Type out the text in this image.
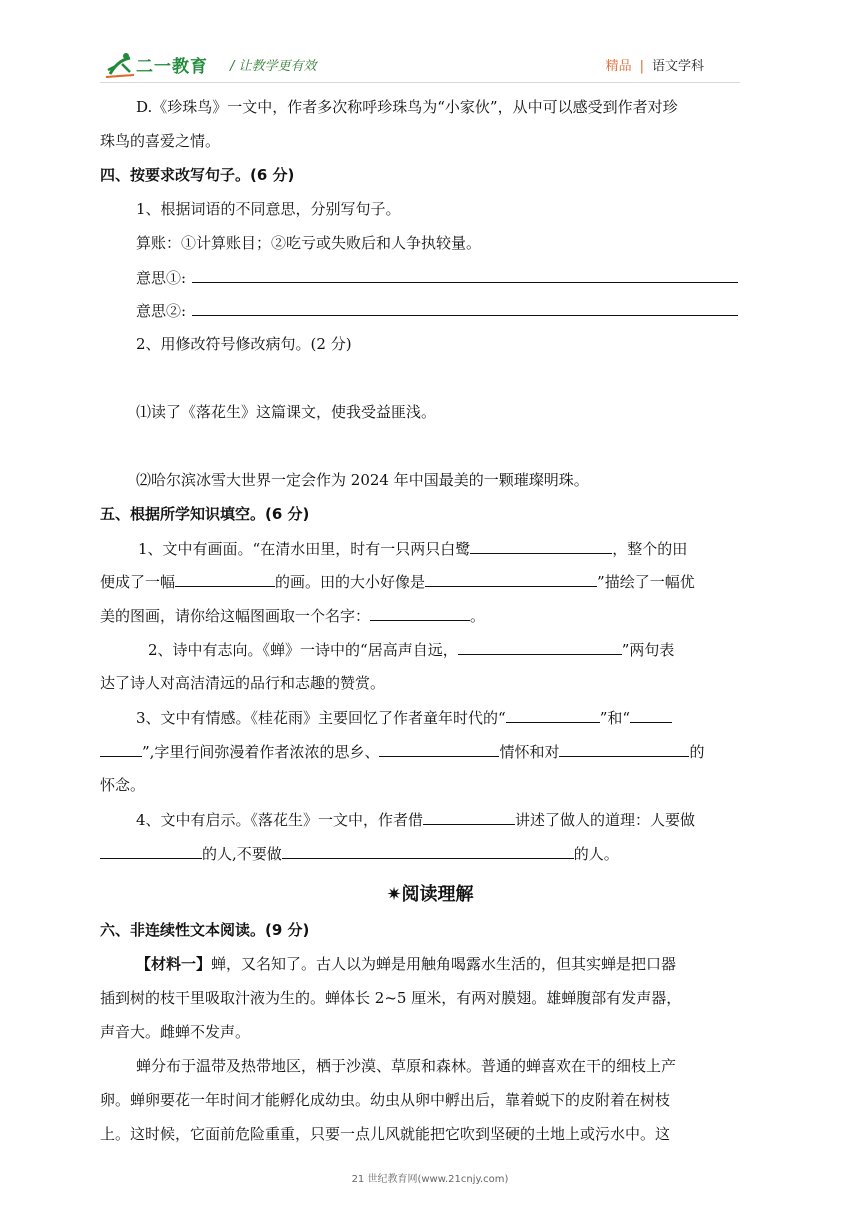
二一教育 / 让教学更有效	精品 | 语文学科
D.《珍珠鸟》一文中，作者多次称呼珍珠鸟为“小家伙”，从中可以感受到作者对珍
珠鸟的喜爱之情。
四、按要求改写句子。(6 分)
1、根据词语的不同意思，分别写句子。
算账：①计算账目；②吃亏或失败后和人争执较量。
意思①:
意思②:
2、用修改符号修改病句。(2 分)
⑴读了《落花生》这篇课文，使我受益匪浅。
⑵哈尔滨冰雪大世界一定会作为 2024 年中国最美的一颗璀璨明珠。
五、根据所学知识填空。(6 分)
1、文中有画面。“在清水田里，时有一只两只白鹭	，整个的田
便成了一幅	的画。田的大小好像是	”描绘了一幅优
美的图画，请你给这幅图画取一个名字：	。
2、诗中有志向。《蝉》一诗中的“居高声自远，	”两句表
达了诗人对高洁清远的品行和志趣的赞赏。
3、文中有情感。《桂花雨》主要回忆了作者童年时代的“	”和“
”,字里行间弥漫着作者浓浓的思乡、	情怀和对	的
怀念。
4、文中有启示。《落花生》一文中，作者借	讲述了做人的道理：人要做
的人,不要做	的人。
✷阅读理解
六、非连续性文本阅读。(9 分)
【材料一】蝉，又名知了。古人以为蝉是用触角喝露水生活的，但其实蝉是把口器
插到树的枝干里吸取汁液为生的。蝉体长 2~5 厘米，有两对膜翅。雄蝉腹部有发声器，
声音大。雌蝉不发声。
蝉分布于温带及热带地区，栖于沙漠、草原和森林。普通的蝉喜欢在干的细枝上产
卵。蝉卵要花一年时间才能孵化成幼虫。幼虫从卵中孵出后，靠着蜕下的皮附着在树枝
上。这时候，它面前危险重重，只要一点儿风就能把它吹到坚硬的土地上或污水中。这
21 世纪教育网(www.21cnjy.com)
